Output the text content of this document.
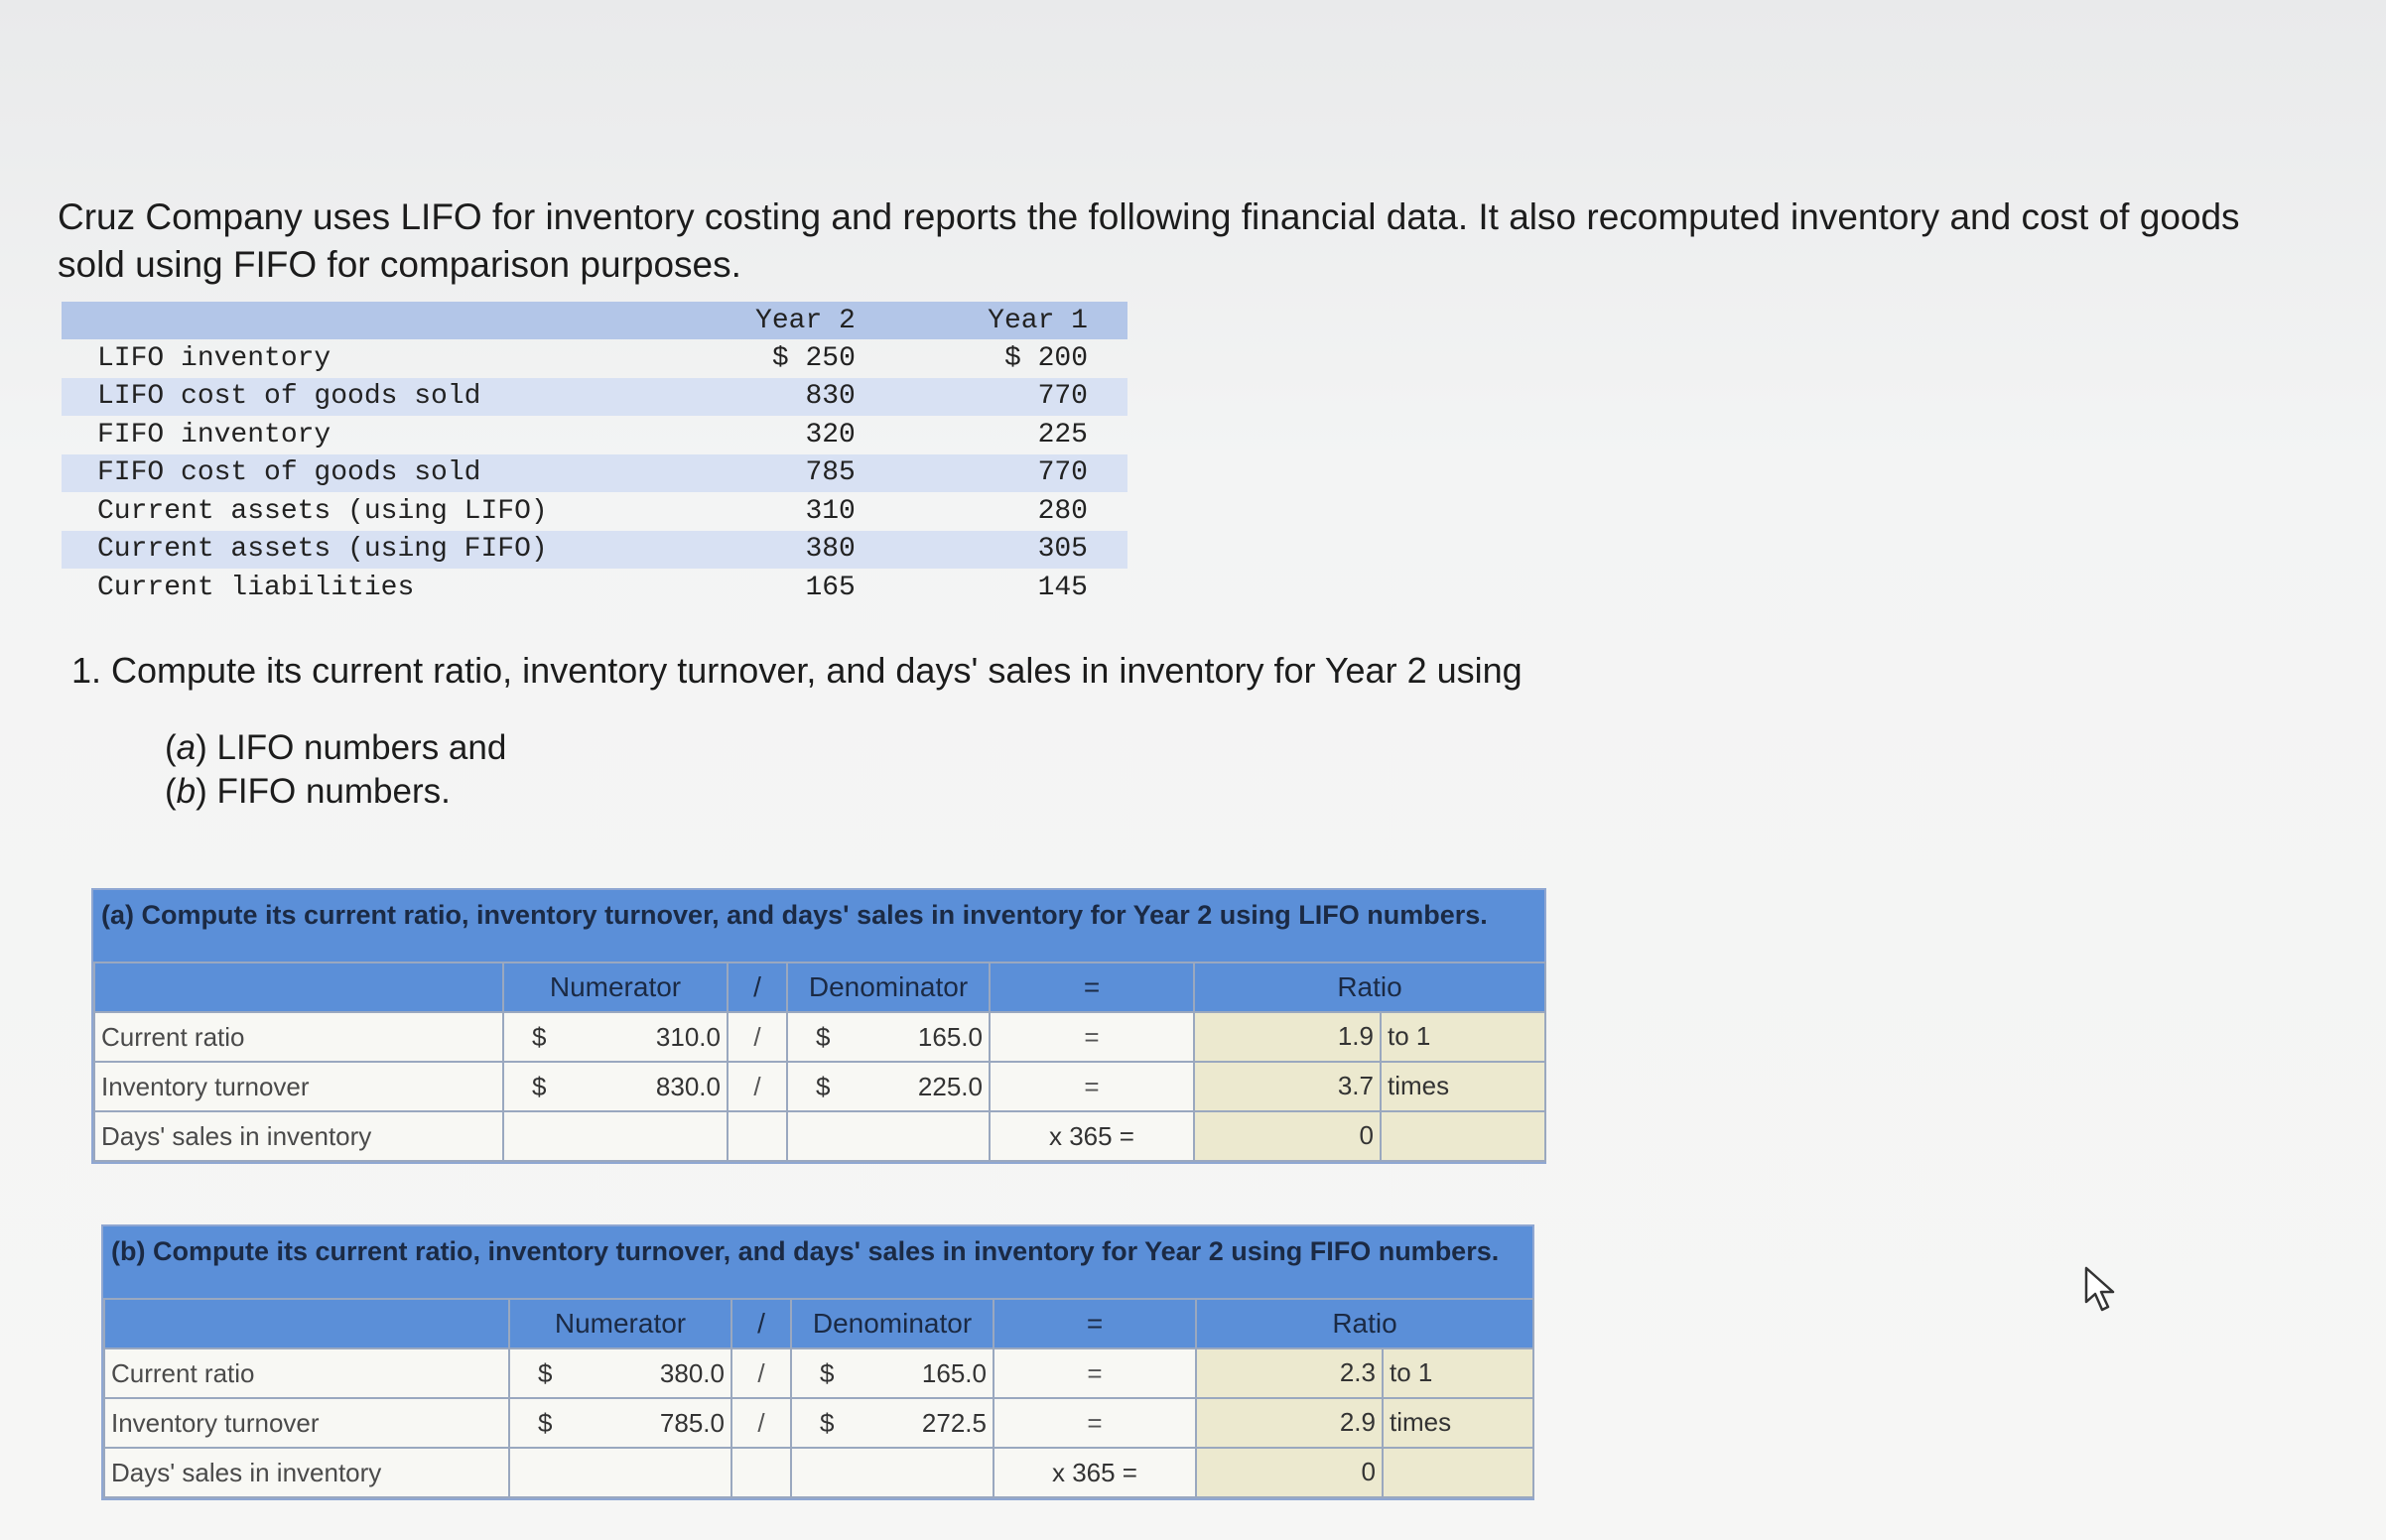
Cruz Company uses LIFO for inventory costing and reports the following financial data. It also recomputed inventory and cost of goods sold using FIFO for comparison purposes.

	Year 2	Year 1
LIFO inventory	$ 250	$ 200
LIFO cost of goods sold	830	770
FIFO inventory	320	225
FIFO cost of goods sold	785	770
Current assets (using LIFO)	310	280
Current assets (using FIFO)	380	305
Current liabilities	165	145

1. Compute its current ratio, inventory turnover, and days' sales in inventory for Year 2 using

(a) LIFO numbers and
(b) FIFO numbers.
(a) Compute its current ratio, inventory turnover, and days' sales in inventory for Year 2 using LIFO numbers.
	Numerator	/	Denominator	=	Ratio
Current ratio	$ 310.0	/	$ 165.0	=	1.9 to 1

Inventory turnover	$ 830.0	/	$ 225.0	=	3.7 times

Days' sales in inventory				x 365 =	0
(b) Compute its current ratio, inventory turnover, and days' sales in inventory for Year 2 using FIFO numbers.
	Numerator	/	Denominator	=	Ratio
Current ratio	$ 380.0	/	$ 165.0	=	2.3 to 1

Inventory turnover	$ 785.0	/	$ 272.5	=	2.9 times

Days' sales in inventory				x 365 =	0
